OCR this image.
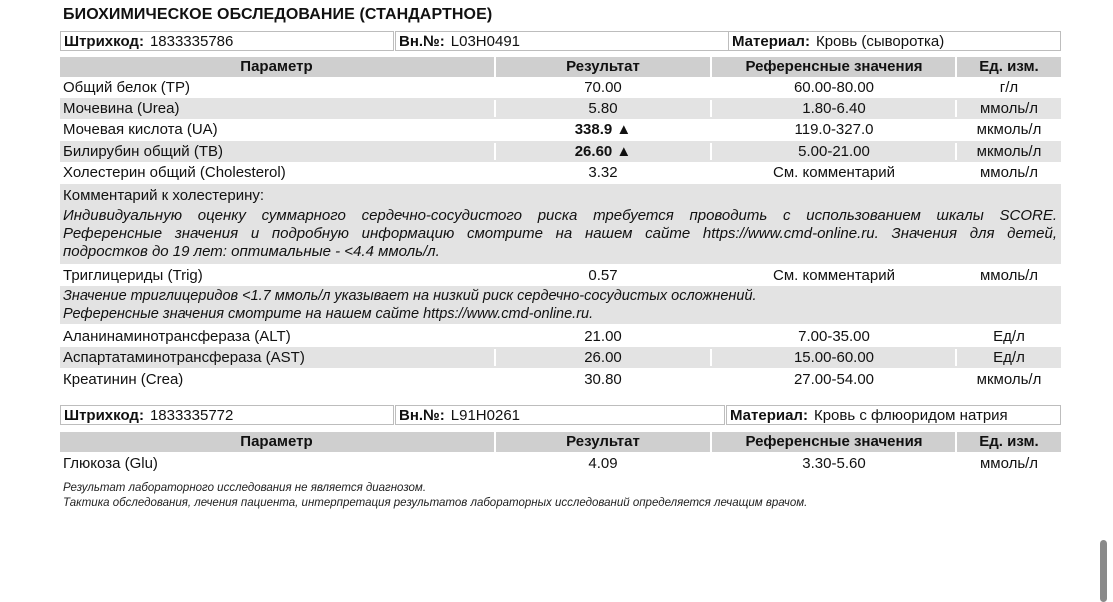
БИОХИМИЧЕСКОЕ ОБСЛЕДОВАНИЕ (СТАНДАРТНОЕ)
Штрихкод: 1833335786	Вн.№: L03H0491	Материал: Кровь (сыворотка)
Параметр	Результат	Референсные значения	Ед. изм.
Общий белок (TP)	70.00	60.00-80.00	г/л
Мочевина (Urea)	5.80	1.80-6.40	ммоль/л
Мочевая кислота (UA)	338.9 ▲	119.0-327.0	мкмоль/л
Билирубин общий (TB)	26.60 ▲	5.00-21.00	мкмоль/л
Холестерин общий (Cholesterol)	3.32	См. комментарий	ммоль/л
Комментарий к холестерину:
Индивидуальную оценку суммарного сердечно-сосудистого риска требуется проводить с использованием шкалы SCORE.
Референсные значения и подробную информацию смотрите на нашем сайте https://www.cmd-online.ru. Значения для детей,
подростков до 19 лет: оптимальные - <4.4 ммоль/л.
Триглицериды (Trig)	0.57	См. комментарий	ммоль/л
Значение триглицеридов <1.7 ммоль/л указывает на низкий риск сердечно-сосудистых осложнений.
Референсные значения смотрите на нашем сайте https://www.cmd-online.ru.
Аланинаминотрансфераза (ALT)	21.00	7.00-35.00	Ед/л
Аспартатаминотрансфераза (AST)	26.00	15.00-60.00	Ед/л
Креатинин (Crea)	30.80	27.00-54.00	мкмоль/л
Штрихкод: 1833335772	Вн.№: L91H0261	Материал: Кровь с флюоридом натрия
Параметр	Результат	Референсные значения	Ед. изм.
Глюкоза (Glu)	4.09	3.30-5.60	ммоль/л
Результат лабораторного исследования не является диагнозом.
Тактика обследования, лечения пациента, интерпретация результатов лабораторных исследований определяется лечащим врачом.
